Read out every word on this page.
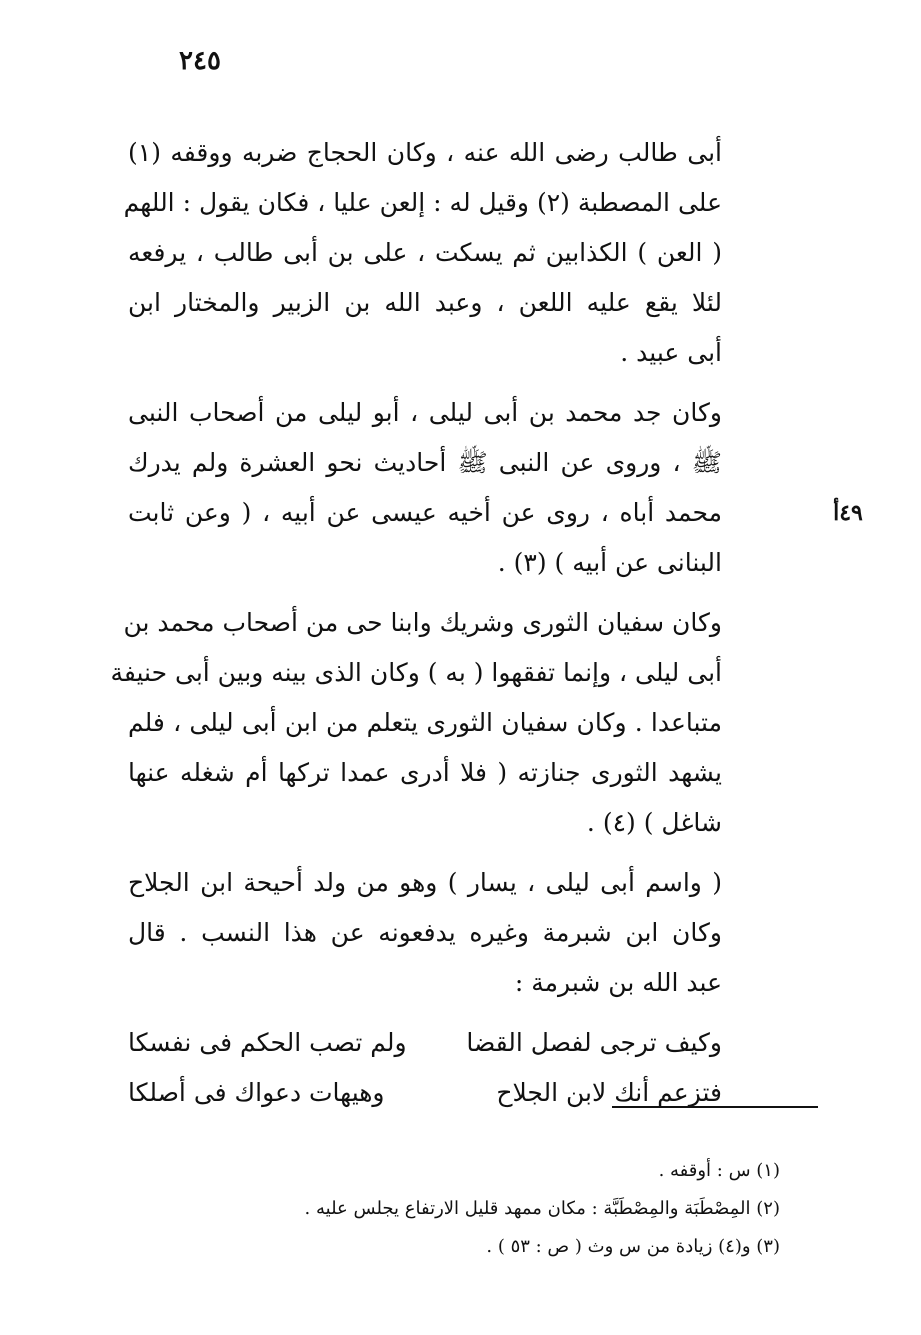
٢٤٥
٤٩أ
أبى طالب رضى الله عنه ، وكان الحجاج ضربه ووقفه (١)
على المصطبة (٢) وقيل له : إلعن عليا ، فكان يقول : اللهم
( العن ) الكذابين ثم يسكت ، على بن أبى طالب ، يرفعه
لئلا يقع عليه اللعن ، وعبد الله بن الزبير والمختار ابن
أبى عبيد .
وكان جد محمد بن أبى ليلى ، أبو ليلى من أصحاب النبى
ﷺ ، وروى عن النبى ﷺ أحاديث نحو العشرة ولم يدرك
محمد أباه ، روى عن أخيه عيسى عن أبيه ، ( وعن ثابت
البنانى عن أبيه ) (٣) .
وكان سفيان الثورى وشريك وابنا حى من أصحاب محمد بن
أبى ليلى ، وإنما تفقهوا ( به ) وكان الذى بينه وبين أبى حنيفة
متباعدا . وكان سفيان الثورى يتعلم من ابن أبى ليلى ، فلم
يشهد الثورى جنازته ( فلا أدرى عمدا تركها أم شغله عنها
شاغل ) (٤) .
( واسم أبى ليلى ، يسار ) وهو من ولد أحيحة ابن الجلاح
وكان ابن شبرمة وغيره يدفعونه عن هذا النسب . قال
عبد الله بن شبرمة :
وكيف ترجى لفصل القضا
ولم تصب الحكم فى نفسكا
فتزعم أنك لابن الجلاح
وهيهات دعواك فى أصلكا
(١) س : أوقفه .
(٢) المِصْطَبَة والمِصْطَبَّة : مكان ممهد قليل الارتفاع يجلس عليه .
(٣) و(٤) زيادة من س وث ( ص : ٥٣ ) .
